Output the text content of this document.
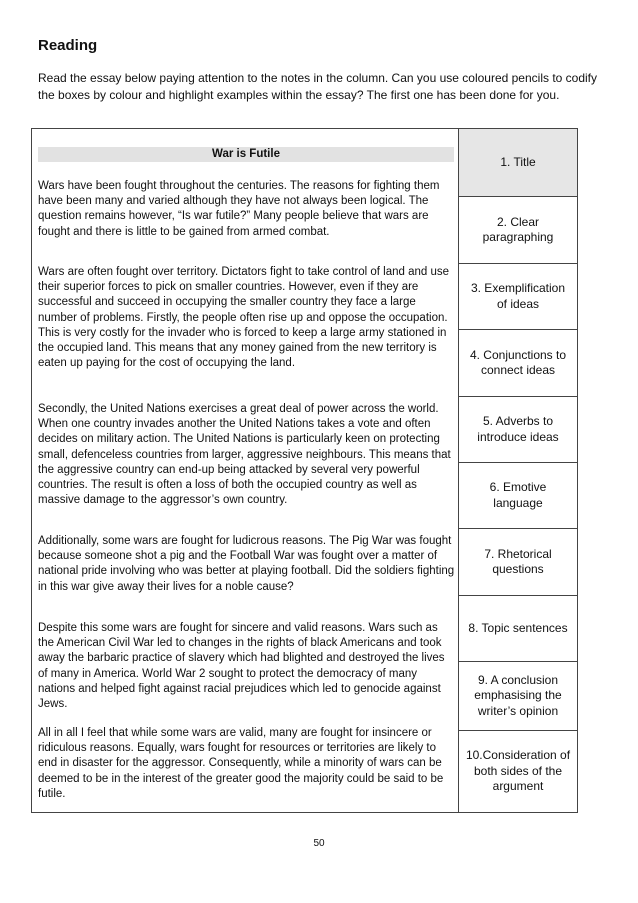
Reading

Read the essay below paying attention to the notes in the column. Can you use coloured pencils to codify the boxes by colour and highlight examples within the essay? The first one has been done for you.

War is Futile

Wars have been fought throughout the centuries. The reasons for fighting them have been many and varied although they have not always been logical. The question remains however, “Is war futile?” Many people believe that wars are fought and there is little to be gained from armed combat.

Wars are often fought over territory. Dictators fight to take control of land and use their superior forces to pick on smaller countries. However, even if they are successful and succeed in occupying the smaller country they face a large number of problems. Firstly, the people often rise up and oppose the occupation. This is very costly for the invader who is forced to keep a large army stationed in the occupied land. This means that any money gained from the new territory is eaten up paying for the cost of occupying the land.

Secondly, the United Nations exercises a great deal of power across the world. When one country invades another the United Nations takes a vote and often decides on military action. The United Nations is particularly keen on protecting small, defenceless countries from larger, aggressive neighbours. This means that the aggressive country can end-up being attacked by several very powerful countries. The result is often a loss of both the occupied country as well as massive damage to the aggressor’s own country.

Additionally, some wars are fought for ludicrous reasons. The Pig War was fought because someone shot a pig and the Football War was fought over a matter of national pride involving who was better at playing football. Did the soldiers fighting in this war give away their lives for a noble cause?

Despite this some wars are fought for sincere and valid reasons. Wars such as the American Civil War led to changes in the rights of black Americans and took away the barbaric practice of slavery which had blighted and destroyed the lives of many in America. World War 2 sought to protect the democracy of many nations and helped fight against racial prejudices which led to genocide against Jews.

All in all I feel that while some wars are valid, many are fought for insincere or ridiculous reasons. Equally, wars fought for resources or territories are likely to end in disaster for the aggressor. Consequently, while a minority of wars can be deemed to be in the interest of the greater good the majority could be said to be futile.

1. Title
2. Clear paragraphing
3. Exemplification of ideas
4. Conjunctions to connect ideas
5. Adverbs to introduce ideas
6. Emotive language
7. Rhetorical questions
8. Topic sentences
9. A conclusion emphasising the writer’s opinion
10.Consideration of both sides of the argument
50
